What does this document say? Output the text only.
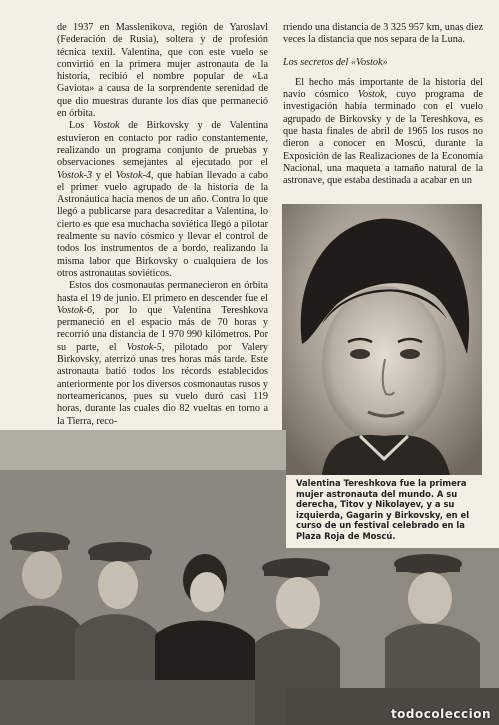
de 1937 en Masslenikova, región de Yaroslavl (Federación de Rusia), soltera y de profesión técnica textil. Valentina, que con este vuelo se convirtió en la primera mujer astronauta de la historia, recibió el nombre popular de «La Gaviota» a causa de la sorprendente serenidad de que dio muestras durante los días que permaneció en órbita.

Los Vostok de Birkovsky y de Valentina estuvieron en contacto por radio constantemente, realizando un programa conjunto de pruebas y observaciones semejantes al ejecutado por el Vostok-3 y el Vostok-4, que habían llevado a cabo el primer vuelo agrupado de la historia de la Astronáutica hacía menos de un año. Contra lo que llegó a publicarse para desacreditar a Valentina, lo cierto es que esa muchacha soviética llegó a pilotar realmente su navío cósmico y llevar el control de todos los instrumentos de a bordo, realizando la misma labor que Birkovsky o cualquiera de los otros astronautas soviéticos.

Estos dos cosmonautas permanecieron en órbita hasta el 19 de junio. El primero en descender fue el Vostok-6, por lo que Valentina Tereshkova permaneció en el espacio más de 70 horas y recorrió una distancia de 1 970 990 kilómetros. Por su parte, el Vostok-5, pilotado por Valery Birkovsky, aterrizó unas tres horas más tarde. Este astronauta batió todos los récords establecidos anteriormente por los diversos cosmonautas rusos y norteamericanos, pues su vuelo duró casi 119 horas, durante las cuales dio 82 vueltas en torno a la Tierra, reco-

rriendo una distancia de 3 325 957 km, unas diez veces la distancia que nos separa de la Luna.

Los secretos del «Vostok»

El hecho más importante de la historia del navío cósmico Vostok, cuyo programa de investigación había terminado con el vuelo agrupado de Birkovsky y de la Tereshkova, es que hasta finales de abril de 1965 los rusos no dieron a conocer en Moscú, durante la Exposición de las Realizaciones de la Economía Nacional, una maqueta a tamaño natural de la astronave, que estaba destinada a acabar en un

Valentina Tereshkova fue la primera mujer astronauta del mundo. A su derecha, Titov y Nikolayev, y a su izquierda, Gagarin y Birkovsky, en el curso de un festival celebrado en la Plaza Roja de Moscú.
todocoleccion
